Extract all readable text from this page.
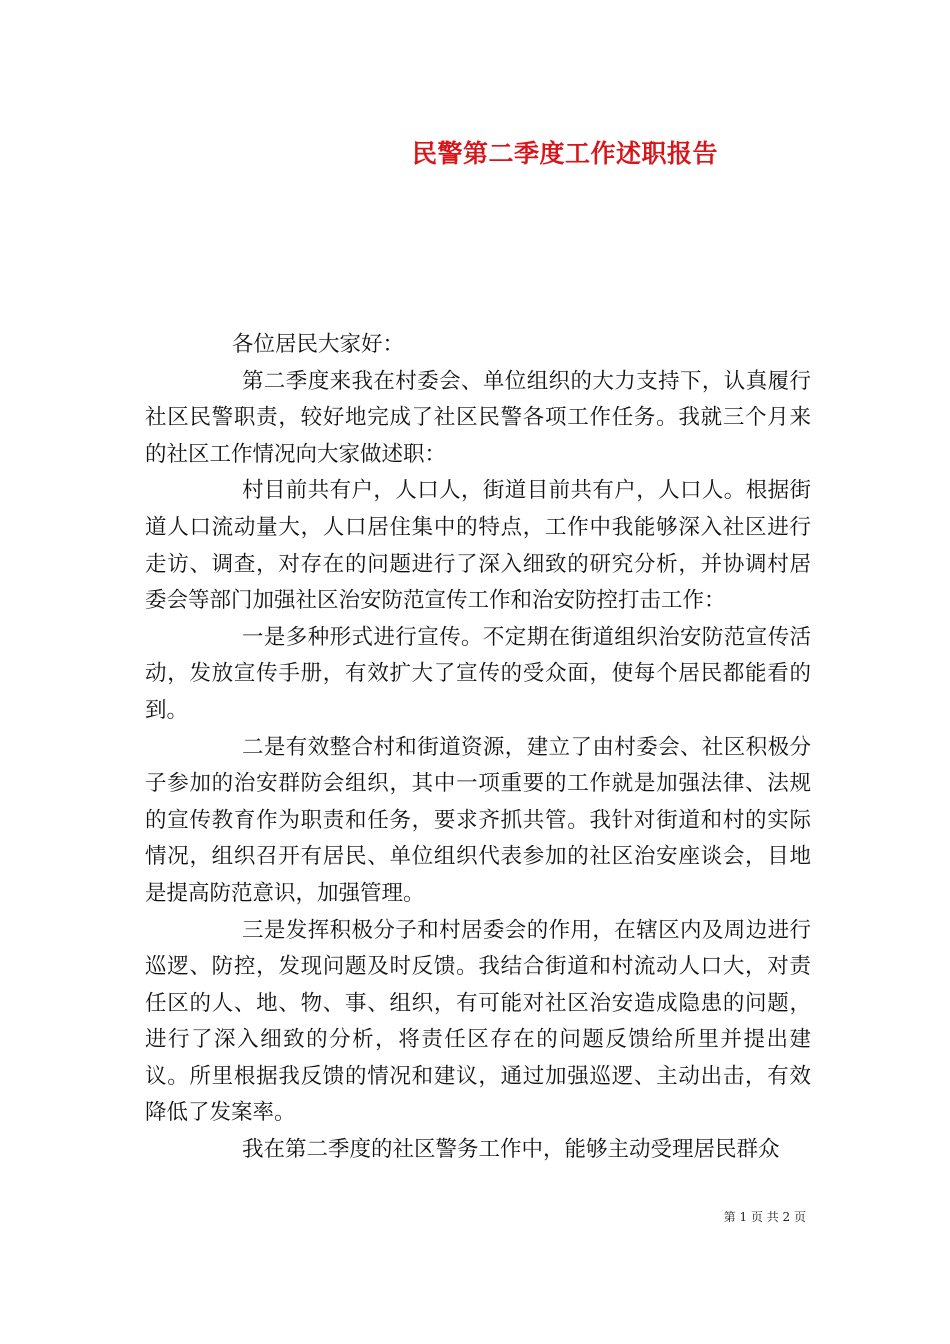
民警第二季度工作述职报告

各位居民大家好：

第二季度来我在村委会、单位组织的大力支持下，认真履行社区民警职责，较好地完成了社区民警各项工作任务。我就三个月来的社区工作情况向大家做述职：

村目前共有户，人口人，街道目前共有户，人口人。根据街道人口流动量大，人口居住集中的特点，工作中我能够深入社区进行走访、调查，对存在的问题进行了深入细致的研究分析，并协调村居委会等部门加强社区治安防范宣传工作和治安防控打击工作：

一是多种形式进行宣传。不定期在街道组织治安防范宣传活动，发放宣传手册，有效扩大了宣传的受众面，使每个居民都能看的到。

二是有效整合村和街道资源，建立了由村委会、社区积极分子参加的治安群防会组织，其中一项重要的工作就是加强法律、法规的宣传教育作为职责和任务，要求齐抓共管。我针对街道和村的实际情况，组织召开有居民、单位组织代表参加的社区治安座谈会，目地是提高防范意识，加强管理。

三是发挥积极分子和村居委会的作用，在辖区内及周边进行巡逻、防控，发现问题及时反馈。我结合街道和村流动人口大，对责任区的人、地、物、事、组织，有可能对社区治安造成隐患的问题，进行了深入细致的分析，将责任区存在的问题反馈给所里并提出建议。所里根据我反馈的情况和建议，通过加强巡逻、主动出击，有效降低了发案率。

我在第二季度的社区警务工作中，能够主动受理居民群众

第 1 页 共 2 页
